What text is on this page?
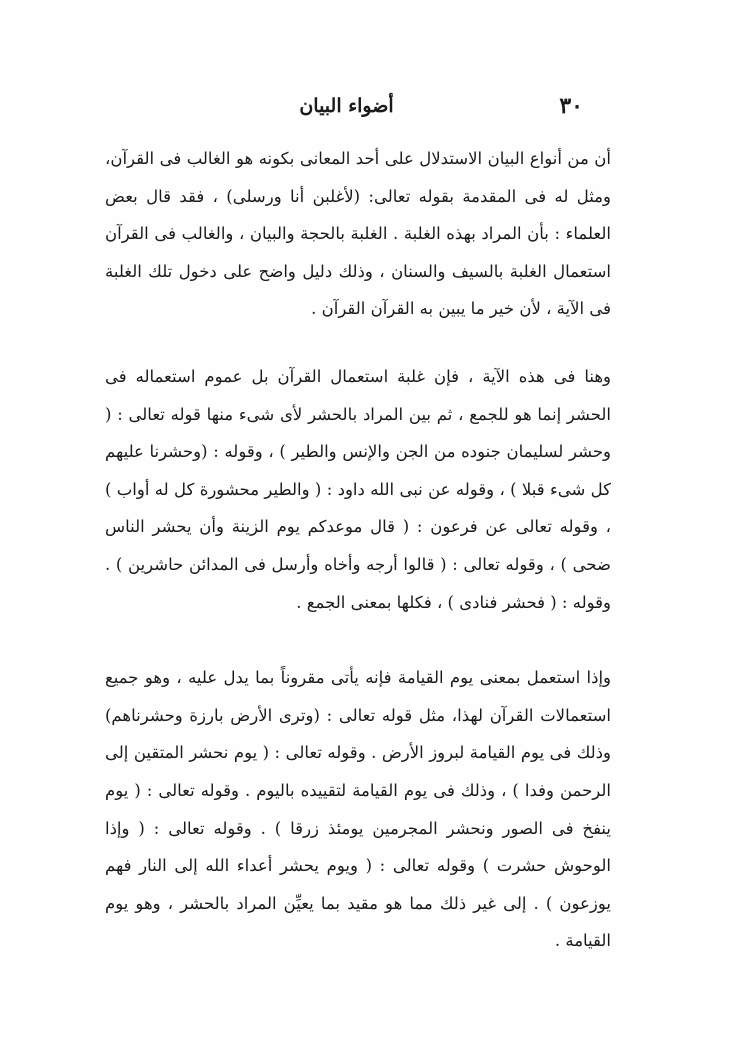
٣٠
أضواء البيان

أن من أنواع البيان الاستدلال على أحد المعانى بكونه هو الغالب فى القرآن، ومثل له فى المقدمة بقوله تعالى: (لأغلبن أنا ورسلى) ، فقد قال بعض العلماء : بأن المراد بهذه الغلبة . الغلبة بالحجة والبيان ، والغالب فى القرآن استعمال الغلبة بالسيف والسنان ، وذلك دليل واضح على دخول تلك الغلبة فى الآية ، لأن خير ما يبين به القرآن القرآن .

وهنا فى هذه الآية ، فإن غلبة استعمال القرآن بل عموم استعماله فى الحشر إنما هو للجمع ، ثم بين المراد بالحشر لأى شىء منها قوله تعالى : ( وحشر لسليمان جنوده من الجن والإنس والطير ) ، وقوله : (وحشرنا عليهم كل شىء قبلا ) ، وقوله عن نبى الله داود : ( والطير محشورة كل له أواب ) ، وقوله تعالى عن فرعون : ( قال موعدكم يوم الزينة وأن يحشر الناس ضحى ) ، وقوله تعالى : ( قالوا أرجه وأخاه وأرسل فى المدائن حاشرين ) . وقوله : ( فحشر فنادى ) ، فكلها بمعنى الجمع .

وإذا استعمل بمعنى يوم القيامة فإنه يأتى مقروناً بما يدل عليه ، وهو جميع استعمالات القرآن لهذا، مثل قوله تعالى : (وترى الأرض بارزة وحشرناهم) وذلك فى يوم القيامة لبروز الأرض . وقوله تعالى : ( يوم نحشر المتقين إلى الرحمن وفدا ) ، وذلك فى يوم القيامة لتقييده باليوم . وقوله تعالى : ( يوم ينفخ فى الصور ونحشر المجرمين يومئذ زرقا ) . وقوله تعالى : ( وإذا الوحوش حشرت ) وقوله تعالى : ( ويوم يحشر أعداء الله إلى النار فهم يوزعون ) . إلى غير ذلك مما هو مقيد بما يعيِّن المراد بالحشر ، وهو يوم القيامة .
